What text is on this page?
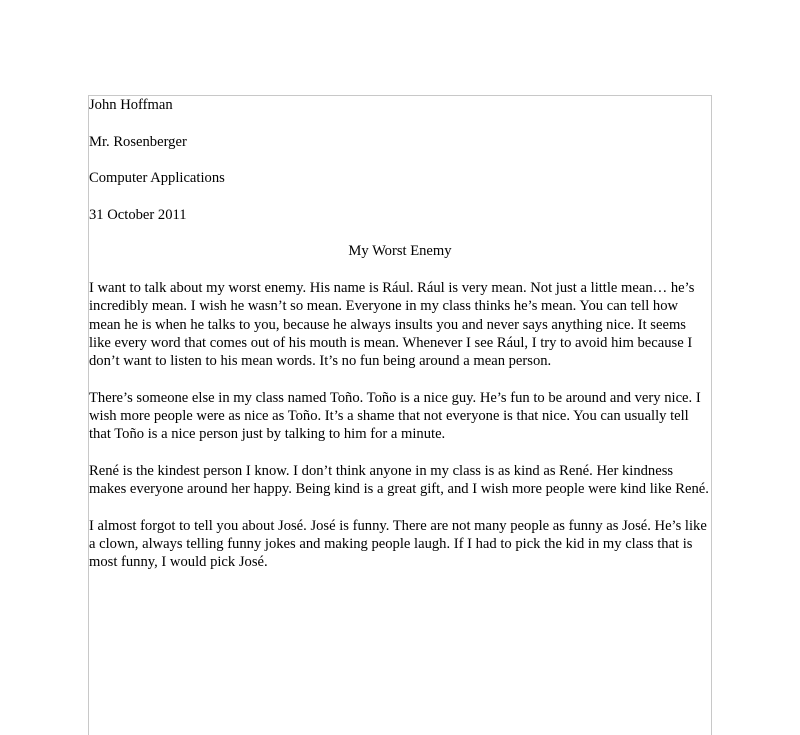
John Hoffman

Mr. Rosenberger

Computer Applications

31 October 2011

My Worst Enemy

I want to talk about my worst enemy. His name is Rául. Rául is very mean. Not just a little mean… he’s incredibly mean. I wish he wasn’t so mean. Everyone in my class thinks he’s mean. You can tell how mean he is when he talks to you, because he always insults you and never says anything nice. It seems like every word that comes out of his mouth is mean. Whenever I see Rául, I try to avoid him because I don’t want to listen to his mean words. It’s no fun being around a mean person.

There’s someone else in my class named Toño. Toño is a nice guy. He’s fun to be around and very nice. I wish more people were as nice as Toño. It’s a shame that not everyone is that nice. You can usually tell that Toño is a nice person just by talking to him for a minute.

René is the kindest person I know. I don’t think anyone in my class is as kind as René. Her kindness makes everyone around her happy. Being kind is a great gift, and I wish more people were kind like René.

I almost forgot to tell you about José. José is funny. There are not many people as funny as José. He’s like a clown, always telling funny jokes and making people laugh. If I had to pick the kid in my class that is most funny, I would pick José.
